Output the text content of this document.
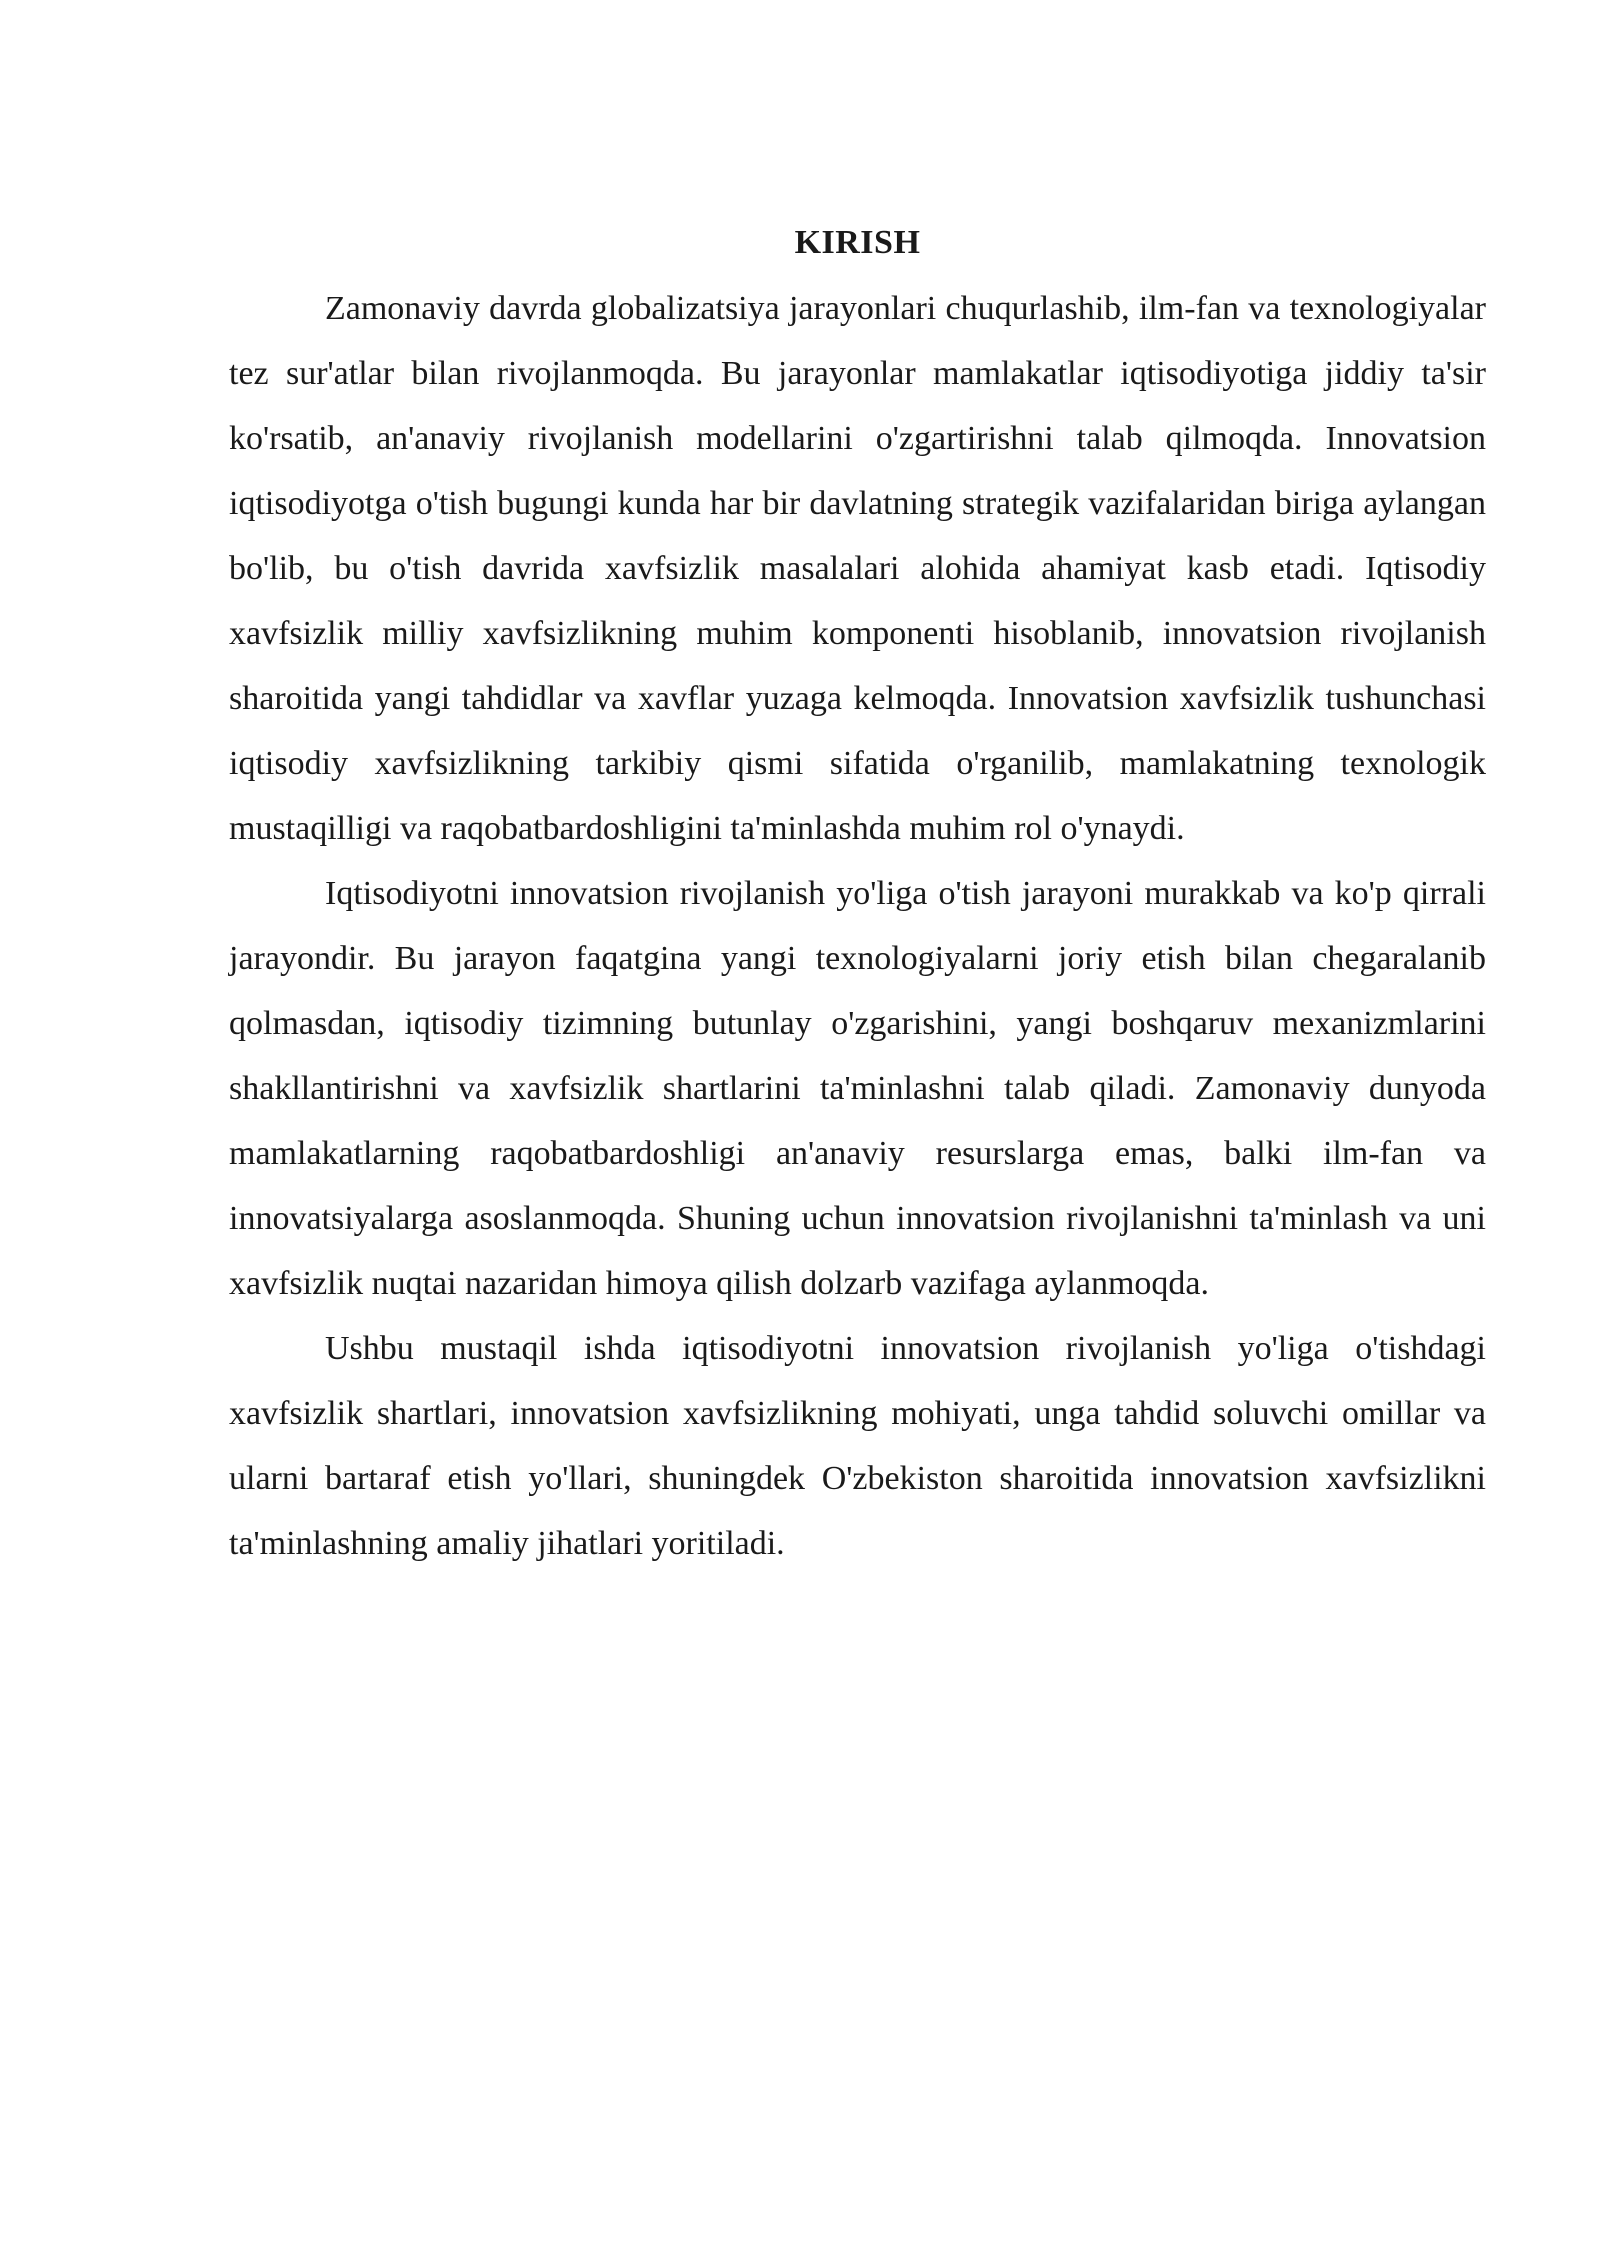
KIRISH

Zamonaviy davrda globalizatsiya jarayonlari chuqurlashib, ilm-fan va texnologiyalar tez sur'atlar bilan rivojlanmoqda. Bu jarayonlar mamlakatlar iqtisodiyotiga jiddiy ta'sir ko'rsatib, an'anaviy rivojlanish modellarini o'zgartirishni talab qilmoqda. Innovatsion iqtisodiyotga o'tish bugungi kunda har bir davlatning strategik vazifalaridan biriga aylangan bo'lib, bu o'tish davrida xavfsizlik masalalari alohida ahamiyat kasb etadi. Iqtisodiy xavfsizlik milliy xavfsizlikning muhim komponenti hisoblanib, innovatsion rivojlanish sharoitida yangi tahdidlar va xavflar yuzaga kelmoqda. Innovatsion xavfsizlik tushunchasi iqtisodiy xavfsizlikning tarkibiy qismi sifatida o'rganilib, mamlakatning texnologik mustaqilligi va raqobatbardoshligini ta'minlashda muhim rol o'ynaydi.

Iqtisodiyotni innovatsion rivojlanish yo'liga o'tish jarayoni murakkab va ko'p qirrali jarayondir. Bu jarayon faqatgina yangi texnologiyalarni joriy etish bilan chegaralanib qolmasdan, iqtisodiy tizimning butunlay o'zgarishini, yangi boshqaruv mexanizmlarini shakllantirishni va xavfsizlik shartlarini ta'minlashni talab qiladi. Zamonaviy dunyoda mamlakatlarning raqobatbardoshligi an'anaviy resurslarga emas, balki ilm-fan va innovatsiyalarga asoslanmoqda. Shuning uchun innovatsion rivojlanishni ta'minlash va uni xavfsizlik nuqtai nazaridan himoya qilish dolzarb vazifaga aylanmoqda.

Ushbu mustaqil ishda iqtisodiyotni innovatsion rivojlanish yo'liga o'tishdagi xavfsizlik shartlari, innovatsion xavfsizlikning mohiyati, unga tahdid soluvchi omillar va ularni bartaraf etish yo'llari, shuningdek O'zbekiston sharoitida innovatsion xavfsizlikni ta'minlashning amaliy jihatlari yoritiladi.
